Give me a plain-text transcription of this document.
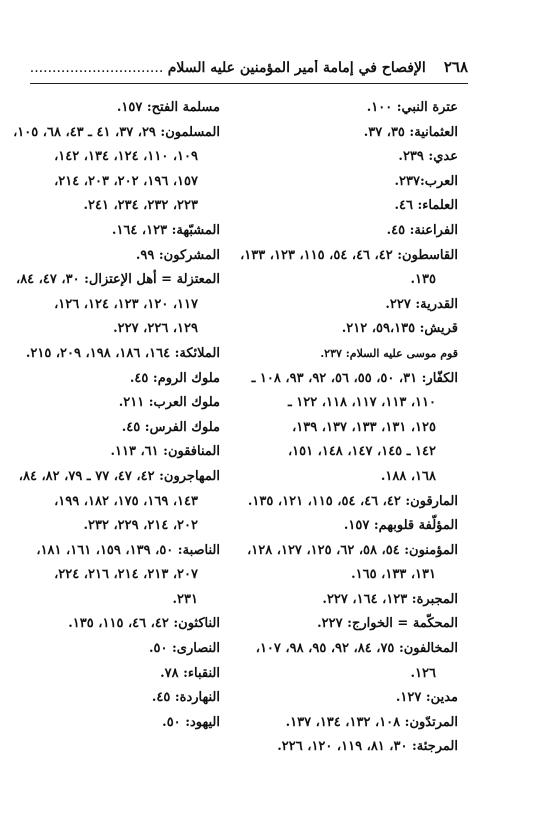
٢٦٨
الإفصاح في إمامة أمير المؤمنين عليه السلام .....
عترة النبي: ١٠٠.
العثمانية: ٣٥، ٣٧.
عدي: ٢٣٩.
العرب:٢٣٧.
العلماء: ٤٦.
الفراعنة: ٤٥.
القاسطون: ٤٢، ٤٦، ٥٤، ١١٥، ١٢٣، ١٣٣،
١٣٥.
القدرية: ٢٢٧.
قريش: ٥٩،١٣٥، ٢١٢.
قوم موسى عليه السلام: ٢٣٧.
الكفّار: ٣١، ٥٠، ٥٥، ٥٦، ٩٢، ٩٣، ١٠٨ ـ
١١٠، ١١٣، ١١٧، ١١٨، ١٢٢ ـ
١٢٥، ١٣١، ١٣٣، ١٣٧، ١٣٩،
١٤٢ ـ ١٤٥، ١٤٧، ١٤٨، ١٥١،
١٦٨، ١٨٨.
المارقون: ٤٢، ٤٦، ٥٤، ١١٥، ١٢١، ١٣٥.
المؤلّفة قلوبهم: ١٥٧.
المؤمنون: ٥٤، ٥٨، ٦٢، ١٢٥، ١٢٧، ١٢٨،
١٣١، ١٣٣، ١٦٥.
المجبرة: ١٢٣، ١٦٤، ٢٢٧.
المحكّمة = الخوارج: ٢٢٧.
المخالفون: ٧٥، ٨٤، ٩٢، ٩٥، ٩٨، ١٠٧،
١٢٦.
مدين: ١٢٧.
المرتدّون: ١٠٨، ١٣٢، ١٣٤، ١٣٧.
المرجئة: ٣٠، ٨١، ١١٩، ١٢٠، ٢٢٦.
مسلمة الفتح: ١٥٧.
المسلمون: ٢٩، ٣٧، ٤١ ـ ٤٣، ٦٨، ١٠٥،
١٠٩، ١١٠، ١٢٤، ١٣٤، ١٤٢،
١٥٧، ١٩٦، ٢٠٢، ٢٠٣، ٢١٤،
٢٢٣، ٢٣٢، ٢٣٤، ٢٤١.
المشبّهة: ١٢٣، ١٦٤.
المشركون: ٩٩.
المعتزلة = أهل الإعتزال: ٣٠، ٤٧، ٨٤،
١١٧، ١٢٠، ١٢٣، ١٢٤، ١٢٦،
١٢٩، ٢٢٦، ٢٢٧.
الملائكة: ١٦٤، ١٨٦، ١٩٨، ٢٠٩، ٢١٥.
ملوك الروم: ٤٥.
ملوك العرب: ٢١١.
ملوك الفرس: ٤٥.
المنافقون: ٦١، ١١٣.
المهاجرون: ٤٢، ٤٧، ٧٧ ـ ٧٩، ٨٢، ٨٤،
١٤٣، ١٦٩، ١٧٥، ١٨٢، ١٩٩،
٢٠٢، ٢١٤، ٢٢٩، ٢٣٢.
الناصبة: ٥٠، ١٣٩، ١٥٩، ١٦١، ١٨١،
٢٠٧، ٢١٣، ٢١٤، ٢١٦، ٢٢٤،
٢٣١.
الناكثون: ٤٢، ٤٦، ١١٥، ١٣٥.
النصارى: ٥٠.
النقباء: ٧٨.
النهاردة: ٤٥.
اليهود: ٥٠.
